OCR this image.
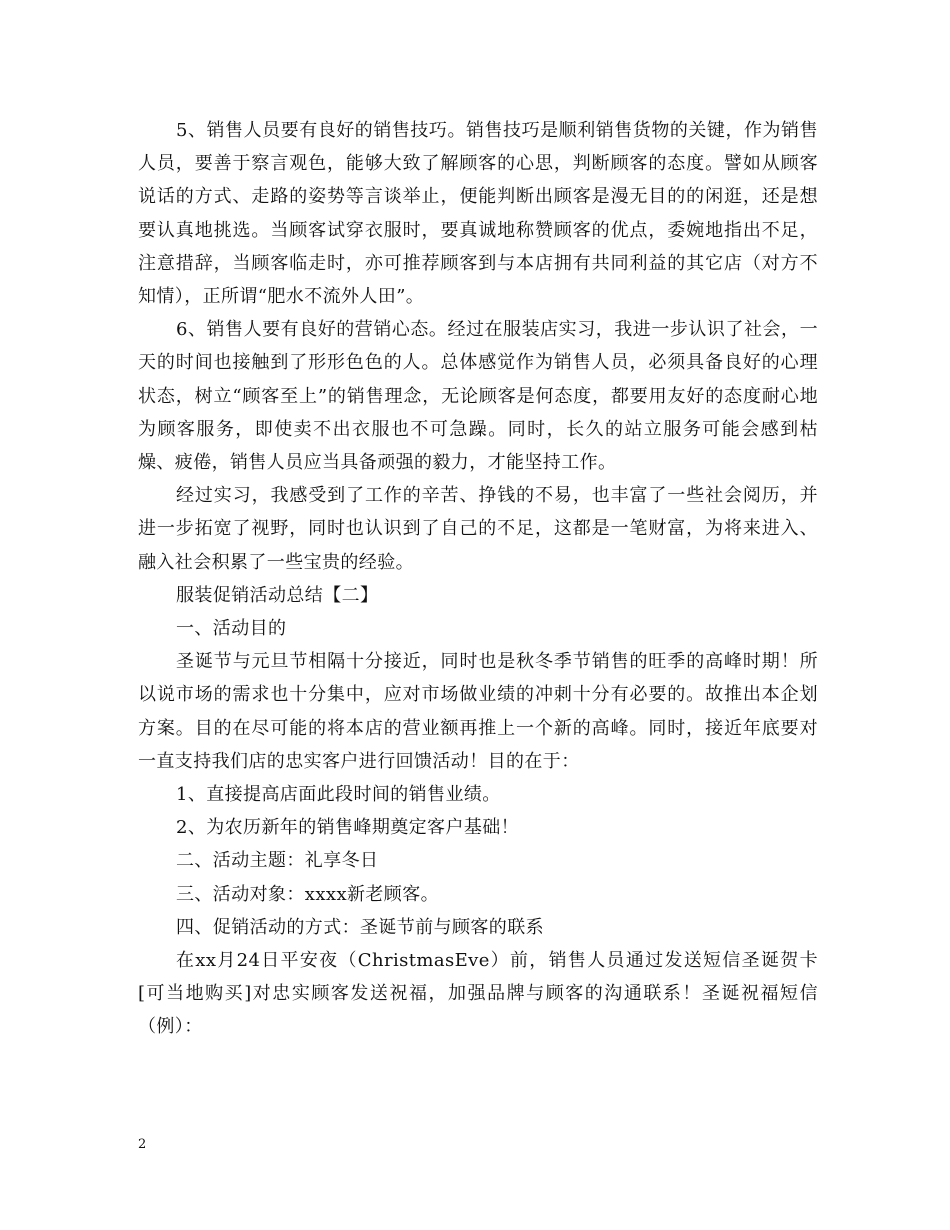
5、销售人员要有良好的销售技巧。销售技巧是顺利销售货物的关键，作为销售人员，要善于察言观色，能够大致了解顾客的心思，判断顾客的态度。譬如从顾客说话的方式、走路的姿势等言谈举止，便能判断出顾客是漫无目的的闲逛，还是想要认真地挑选。当顾客试穿衣服时，要真诚地称赞顾客的优点，委婉地指出不足，注意措辞，当顾客临走时，亦可推荐顾客到与本店拥有共同利益的其它店（对方不知情），正所谓“肥水不流外人田”。

6、销售人要有良好的营销心态。经过在服装店实习，我进一步认识了社会，一天的时间也接触到了形形色色的人。总体感觉作为销售人员，必须具备良好的心理状态，树立“顾客至上”的销售理念，无论顾客是何态度，都要用友好的态度耐心地为顾客服务，即使卖不出衣服也不可急躁。同时，长久的站立服务可能会感到枯燥、疲倦，销售人员应当具备顽强的毅力，才能坚持工作。

经过实习，我感受到了工作的辛苦、挣钱的不易，也丰富了一些社会阅历，并进一步拓宽了视野，同时也认识到了自己的不足，这都是一笔财富，为将来进入、融入社会积累了一些宝贵的经验。

服装促销活动总结【二】

一、活动目的

圣诞节与元旦节相隔十分接近，同时也是秋冬季节销售的旺季的高峰时期！所以说市场的需求也十分集中，应对市场做业绩的冲刺十分有必要的。故推出本企划方案。目的在尽可能的将本店的营业额再推上一个新的高峰。同时，接近年底要对一直支持我们店的忠实客户进行回馈活动！目的在于：

1、直接提高店面此段时间的销售业绩。

2、为农历新年的销售峰期奠定客户基础！

二、活动主题：礼享冬日

三、活动对象：xxxx新老顾客。

四、促销活动的方式：圣诞节前与顾客的联系

在xx月24日平安夜（ChristmasEve）前，销售人员通过发送短信圣诞贺卡[可当地购买]对忠实顾客发送祝福，加强品牌与顾客的沟通联系！圣诞祝福短信（例）：

2
